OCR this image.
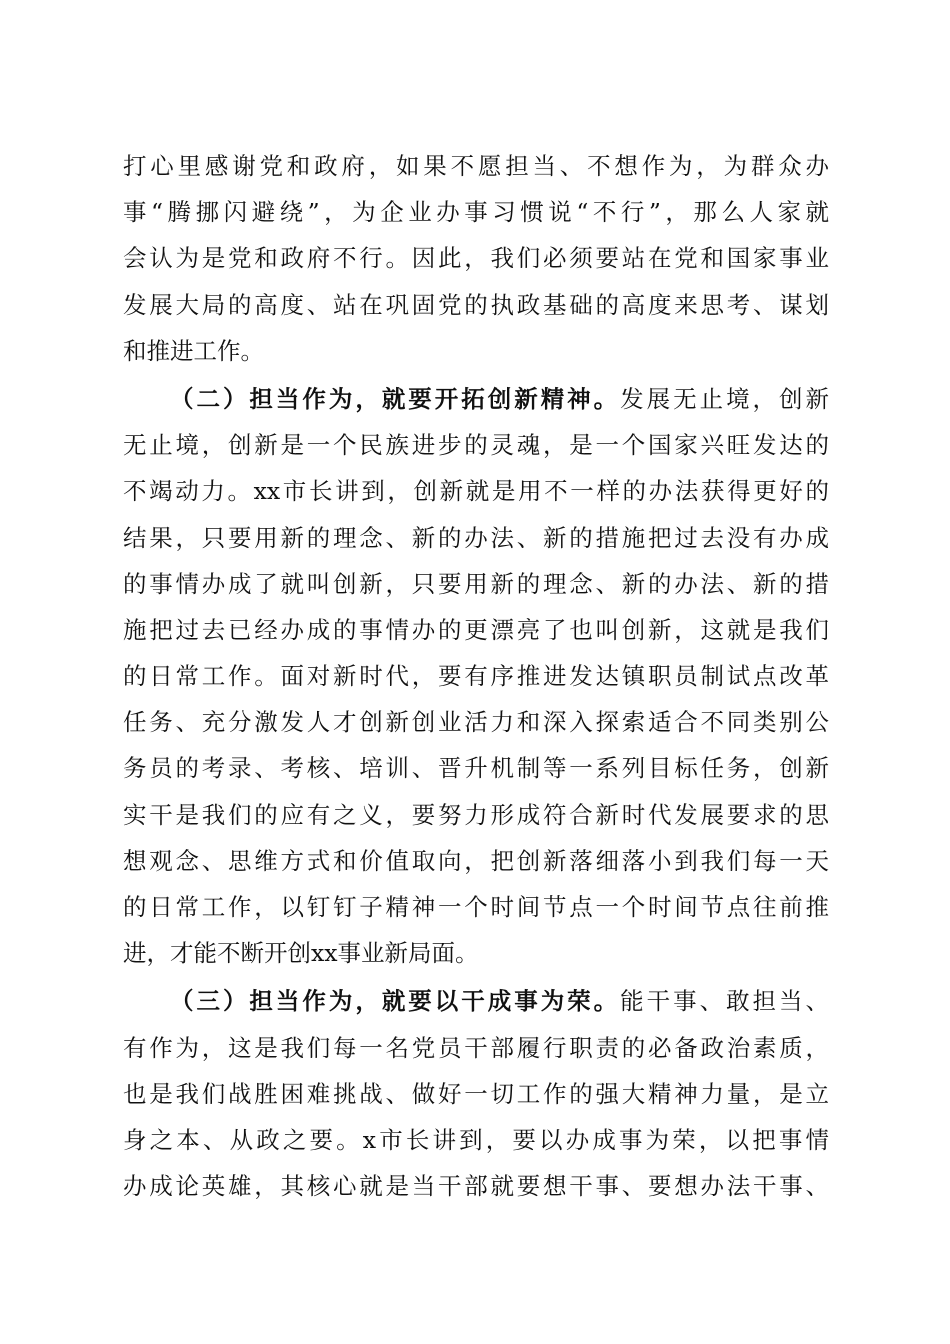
打心里感谢党和政府，如果不愿担当、不想作为，为群众办
事“腾挪闪避绕”，为企业办事习惯说“不行”，那么人家就
会认为是党和政府不行。因此，我们必须要站在党和国家事业
发展大局的高度、站在巩固党的执政基础的高度来思考、谋划
和推进工作。
（二）担当作为，就要开拓创新精神。发展无止境，创新
无止境，创新是一个民族进步的灵魂，是一个国家兴旺发达的
不竭动力。xx市长讲到，创新就是用不一样的办法获得更好的
结果，只要用新的理念、新的办法、新的措施把过去没有办成
的事情办成了就叫创新，只要用新的理念、新的办法、新的措
施把过去已经办成的事情办的更漂亮了也叫创新，这就是我们
的日常工作。面对新时代，要有序推进发达镇职员制试点改革
任务、充分激发人才创新创业活力和深入探索适合不同类别公
务员的考录、考核、培训、晋升机制等一系列目标任务，创新
实干是我们的应有之义，要努力形成符合新时代发展要求的思
想观念、思维方式和价值取向，把创新落细落小到我们每一天
的日常工作，以钉钉子精神一个时间节点一个时间节点往前推
进，才能不断开创xx事业新局面。
（三）担当作为，就要以干成事为荣。能干事、敢担当、
有作为，这是我们每一名党员干部履行职责的必备政治素质，
也是我们战胜困难挑战、做好一切工作的强大精神力量，是立
身之本、从政之要。x市长讲到，要以办成事为荣，以把事情
办成论英雄，其核心就是当干部就要想干事、要想办法干事、
